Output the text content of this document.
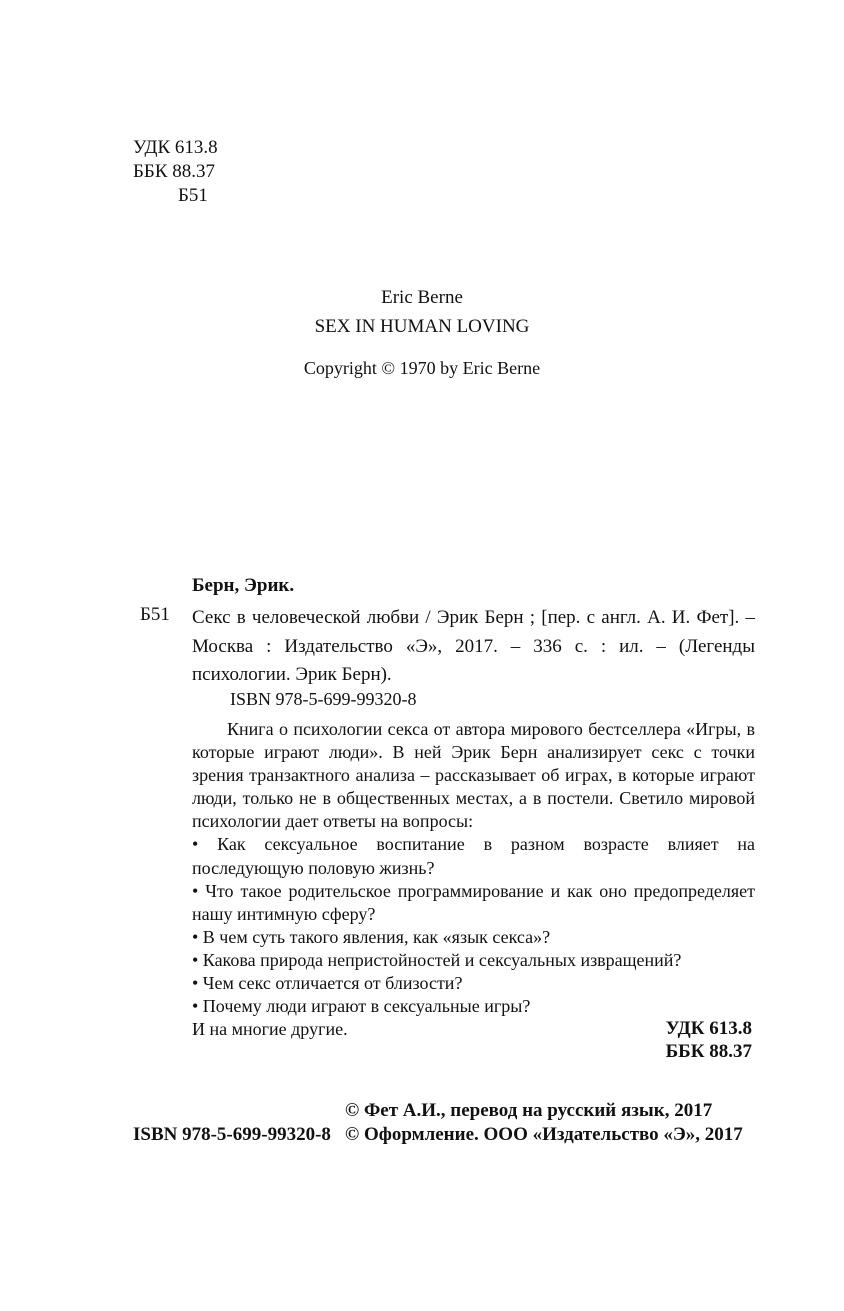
УДК 613.8
ББК 88.37
Б51
Eric Berne
SEX IN HUMAN LOVING
Copyright © 1970 by Eric Berne
Берн, Эрик.
Б51 Секс в человеческой любви / Эрик Берн ; [пер. с англ. А. И. Фет]. – Москва : Издательство «Э», 2017. – 336 с. : ил. – (Легенды психологии. Эрик Берн).
ISBN 978-5-699-99320-8

Книга о психологии секса от автора мирового бестселлера «Игры, в которые играют люди». В ней Эрик Берн анализирует секс с точки зрения транзактного анализа – рассказывает об играх, в которые играют люди, только не в общественных местах, а в постели. Светило мировой психологии дает ответы на вопросы:

• Как сексуальное воспитание в разном возрасте влияет на последующую половую жизнь?

• Что такое родительское программирование и как оно предопределяет нашу интимную сферу?

• В чем суть такого явления, как «язык секса»?

• Какова природа непристойностей и сексуальных извращений?

• Чем секс отличается от близости?

• Почему люди играют в сексуальные игры?

И на многие другие.	УДК 613.8
ББК 88.37
© Фет А.И., перевод на русский язык, 2017
ISBN 978-5-699-99320-8 © Оформление. ООО «Издательство «Э», 2017
